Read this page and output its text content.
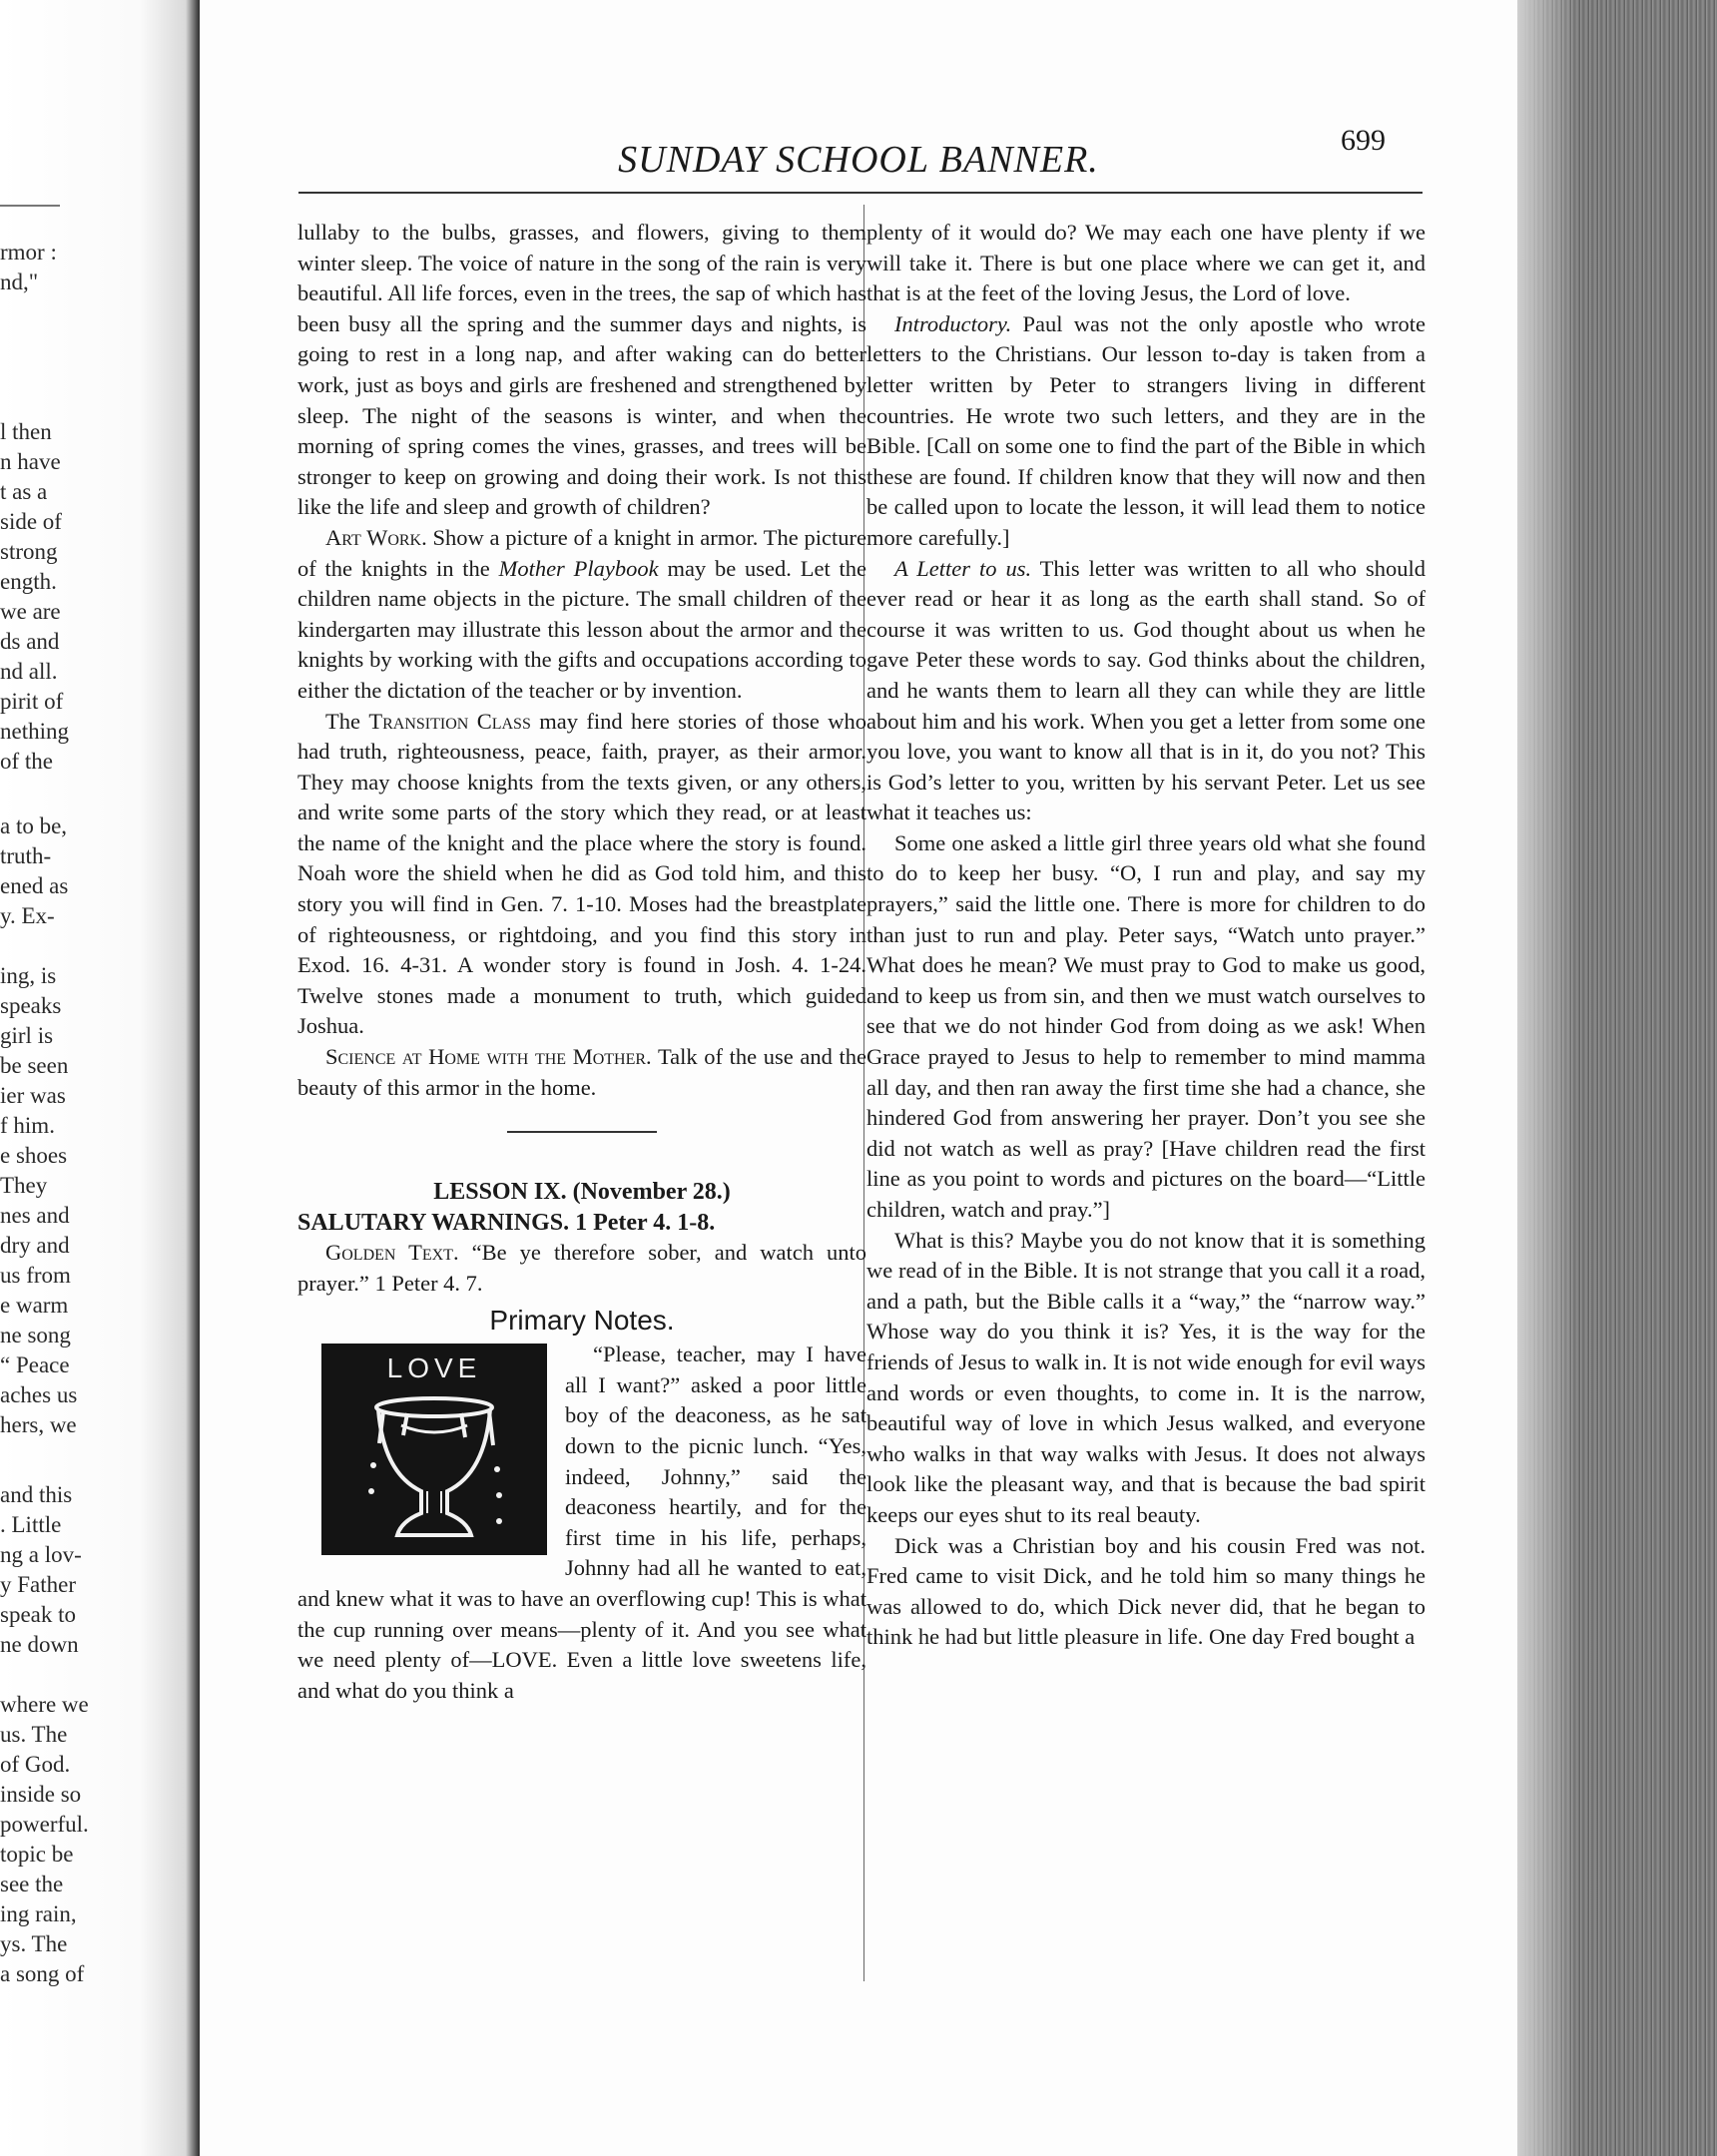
rmor :
nd,"
l then
n have
t as a
side of
strong
ength.
we are
ds and
nd all.
pirit of
nething
of the
a to be,
truth-
ened as
y. Ex-
ing, is
speaks
girl is
be seen
ier was
f him.
e shoes
They
nes and
dry and
us from
e warm
ne song
“ Peace
aches us
hers, we
and this
. Little
ng a lov-
y Father
speak to
ne down
where we
us. The
of God.
inside so
powerful.
topic be
see the
ing rain,
ys. The
a song of
SUNDAY SCHOOL BANNER.	699

lullaby to the bulbs, grasses, and flowers, giving to them winter sleep. The voice of nature in the song of the rain is very beautiful. All life forces, even in the trees, the sap of which has been busy all the spring and the summer days and nights, is going to rest in a long nap, and after waking can do better work, just as boys and girls are freshened and strengthened by sleep. The night of the seasons is winter, and when the morning of spring comes the vines, grasses, and trees will be stronger to keep on growing and doing their work. Is not this like the life and sleep and growth of children?

Art Work. Show a picture of a knight in armor. The picture of the knights in the Mother Playbook may be used. Let the children name objects in the picture. The small children of the kindergarten may illustrate this lesson about the armor and the knights by working with the gifts and occupations according to either the dictation of the teacher or by invention.

The Transition Class may find here stories of those who had truth, righteousness, peace, faith, prayer, as their armor. They may choose knights from the texts given, or any others, and write some parts of the story which they read, or at least the name of the knight and the place where the story is found. Noah wore the shield when he did as God told him, and this story you will find in Gen. 7. 1-10. Moses had the breastplate of righteousness, or rightdoing, and you find this story in Exod. 16. 4-31. A wonder story is found in Josh. 4. 1-24. Twelve stones made a monument to truth, which guided Joshua.

Science at Home with the Mother. Talk of the use and the beauty of this armor in the home.

LESSON IX. (November 28.)

SALUTARY WARNINGS. 1 Peter 4. 1-8.

Golden Text. “Be ye therefore sober, and watch unto prayer.” 1 Peter 4. 7.

Primary Notes.
LOVE	“Please, teacher, may I have all I want?” asked a poor little boy of the deaconess, as he sat down to the picnic lunch. “Yes, indeed, Johnny,” said the deaconess heartily, and for the first time in his life, perhaps, Johnny had all he wanted to eat, and knew what it was to have an overflowing cup! This is what the cup running over means—plenty of it. And you see what we need plenty of—LOVE. Even a little love sweetens life, and what do you think a

plenty of it would do? We may each one have plenty if we will take it. There is but one place where we can get it, and that is at the feet of the loving Jesus, the Lord of love.

Introductory. Paul was not the only apostle who wrote letters to the Christians. Our lesson to-day is taken from a letter written by Peter to strangers living in different countries. He wrote two such letters, and they are in the Bible. [Call on some one to find the part of the Bible in which these are found. If children know that they will now and then be called upon to locate the lesson, it will lead them to notice more carefully.]

A Letter to us. This letter was written to all who should ever read or hear it as long as the earth shall stand. So of course it was written to us. God thought about us when he gave Peter these words to say. God thinks about the children, and he wants them to learn all they can while they are little about him and his work. When you get a letter from some one you love, you want to know all that is in it, do you not? This is God’s letter to you, written by his servant Peter. Let us see what it teaches us:

Some one asked a little girl three years old what she found to do to keep her busy. “O, I run and play, and say my prayers,” said the little one. There is more for children to do than just to run and play. Peter says, “Watch unto prayer.” What does he mean? We must pray to God to make us good, and to keep us from sin, and then we must watch ourselves to see that we do not hinder God from doing as we ask! When Grace prayed to Jesus to help to remember to mind mamma all day, and then ran away the first time she had a chance, she hindered God from answering her prayer. Don’t you see she did not watch as well as pray? [Have children read the first line as you point to words and pictures on the board—“Little children, watch and pray.”]

What is this? Maybe you do not know that it is something we read of in the Bible. It is not strange that you call it a road, and a path, but the Bible calls it a “way,” the “narrow way.” Whose way do you think it is? Yes, it is the way for the friends of Jesus to walk in. It is not wide enough for evil ways and words or even thoughts, to come in. It is the narrow, beautiful way of love in which Jesus walked, and everyone who walks in that way walks with Jesus. It does not always look like the pleasant way, and that is because the bad spirit keeps our eyes shut to its real beauty.

Dick was a Christian boy and his cousin Fred was not. Fred came to visit Dick, and he told him so many things he was allowed to do, which Dick never did, that he began to think he had but little pleasure in life. One day Fred bought a
